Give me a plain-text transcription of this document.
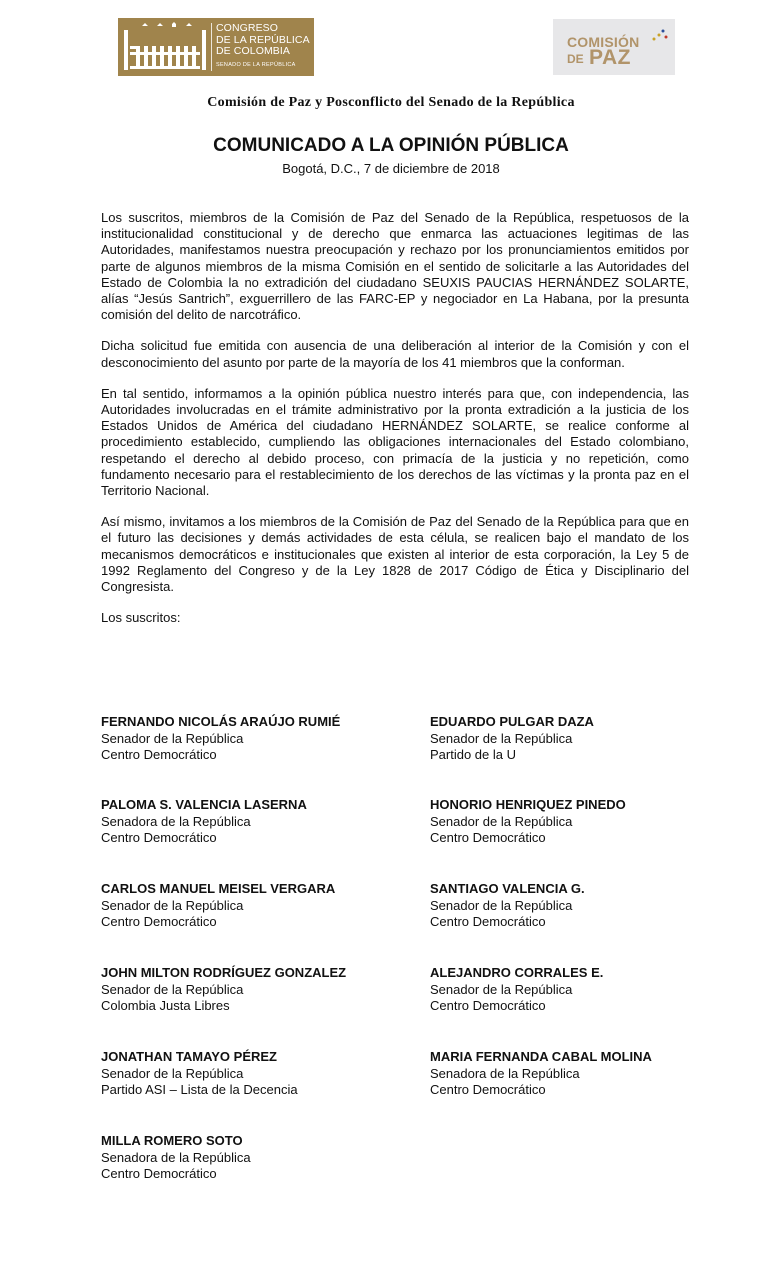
CONGRESO
DE LA REPÚBLICA
DE COLOMBIA
SENADO DE LA REPÚBLICA
COMISIÓN
DE PAZ
Comisión de Paz y Posconflicto del Senado de la República
COMUNICADO A LA OPINIÓN PÚBLICA
Bogotá, D.C., 7 de diciembre de 2018

Los suscritos, miembros de la Comisión de Paz del Senado de la República, respetuosos de la institucionalidad constitucional y de derecho que enmarca las actuaciones legitimas de las Autoridades, manifestamos nuestra preocupación y rechazo por los pronunciamientos emitidos por parte de algunos miembros de la misma Comisión en el sentido de solicitarle a las Autoridades del Estado de Colombia la no extradición del ciudadano SEUXIS PAUCIAS HERNÁNDEZ SOLARTE, alías “Jesús Santrich”, exguerrillero de las FARC-EP y negociador en La Habana, por la presunta comisión del delito de narcotráfico.

Dicha solicitud fue emitida con ausencia de una deliberación al interior de la Comisión y con el desconocimiento del asunto por parte de la mayoría de los 41 miembros que la conforman.

En tal sentido, informamos a la opinión pública nuestro interés para que, con independencia, las Autoridades involucradas en el trámite administrativo por la pronta extradición a la justicia de los Estados Unidos de América del ciudadano HERNÁNDEZ SOLARTE, se realice conforme al procedimiento establecido, cumpliendo las obligaciones internacionales del Estado colombiano, respetando el derecho al debido proceso, con primacía de la justicia y no repetición, como fundamento necesario para el restablecimiento de los derechos de las víctimas y la pronta paz en el Territorio Nacional.

Así mismo, invitamos a los miembros de la Comisión de Paz del Senado de la República para que en el futuro las decisiones y demás actividades de esta célula, se realicen bajo el mandato de los mecanismos democráticos e institucionales que existen al interior de esta corporación, la Ley 5 de 1992 Reglamento del Congreso y de la Ley 1828 de 2017 Código de Ética y Disciplinario del Congresista.

Los suscritos:

FERNANDO NICOLÁS ARAÚJO RUMIÉ
Senador de la República
Centro Democrático
EDUARDO PULGAR DAZA
Senador de la República
Partido de la U
PALOMA S. VALENCIA LASERNA
Senadora de la República
Centro Democrático
HONORIO HENRIQUEZ PINEDO
Senador de la República
Centro Democrático
CARLOS MANUEL MEISEL VERGARA
Senador de la República
Centro Democrático
SANTIAGO VALENCIA G.
Senador de la República
Centro Democrático
JOHN MILTON RODRÍGUEZ GONZALEZ
Senador de la República
Colombia Justa Libres
ALEJANDRO CORRALES E.
Senador de la República
Centro Democrático
JONATHAN TAMAYO PÉREZ
Senador de la República
Partido ASI – Lista de la Decencia
MARIA FERNANDA CABAL MOLINA
Senadora de la República
Centro Democrático
MILLA ROMERO SOTO
Senadora de la República
Centro Democrático
